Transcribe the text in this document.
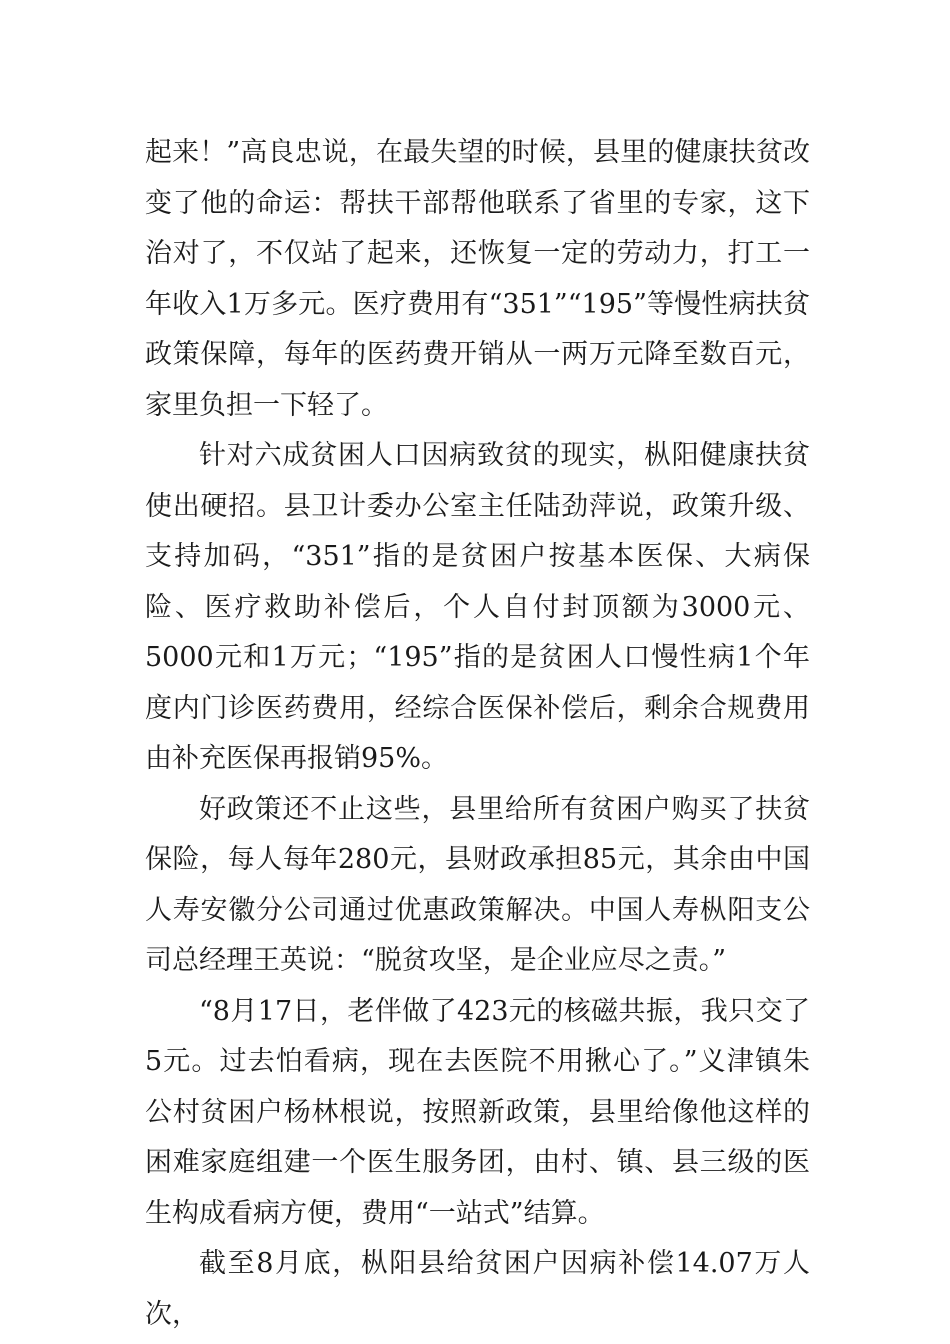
起来！”高良忠说，在最失望的时候，县里的健康扶贫改变了他的命运：帮扶干部帮他联系了省里的专家，这下治对了，不仅站了起来，还恢复一定的劳动力，打工一年收入1万多元。医疗费用有“351”“195”等慢性病扶贫政策保障，每年的医药费开销从一两万元降至数百元，家里负担一下轻了。

针对六成贫困人口因病致贫的现实，枞阳健康扶贫使出硬招。县卫计委办公室主任陆劲萍说，政策升级、支持加码，“351”指的是贫困户按基本医保、大病保险、医疗救助补偿后，个人自付封顶额为3000元、5000元和1万元；“195”指的是贫困人口慢性病1个年度内门诊医药费用，经综合医保补偿后，剩余合规费用由补充医保再报销95%。

好政策还不止这些，县里给所有贫困户购买了扶贫保险，每人每年280元，县财政承担85元，其余由中国人寿安徽分公司通过优惠政策解决。中国人寿枞阳支公司总经理王英说：“脱贫攻坚，是企业应尽之责。”

“8月17日，老伴做了423元的核磁共振，我只交了5元。过去怕看病，现在去医院不用揪心了。”义津镇朱公村贫困户杨林根说，按照新政策，县里给像他这样的困难家庭组建一个医生服务团，由村、镇、县三级的医生构成看病方便，费用“一站式”结算。

截至8月底，枞阳县给贫困户因病补偿14.07万人次，
